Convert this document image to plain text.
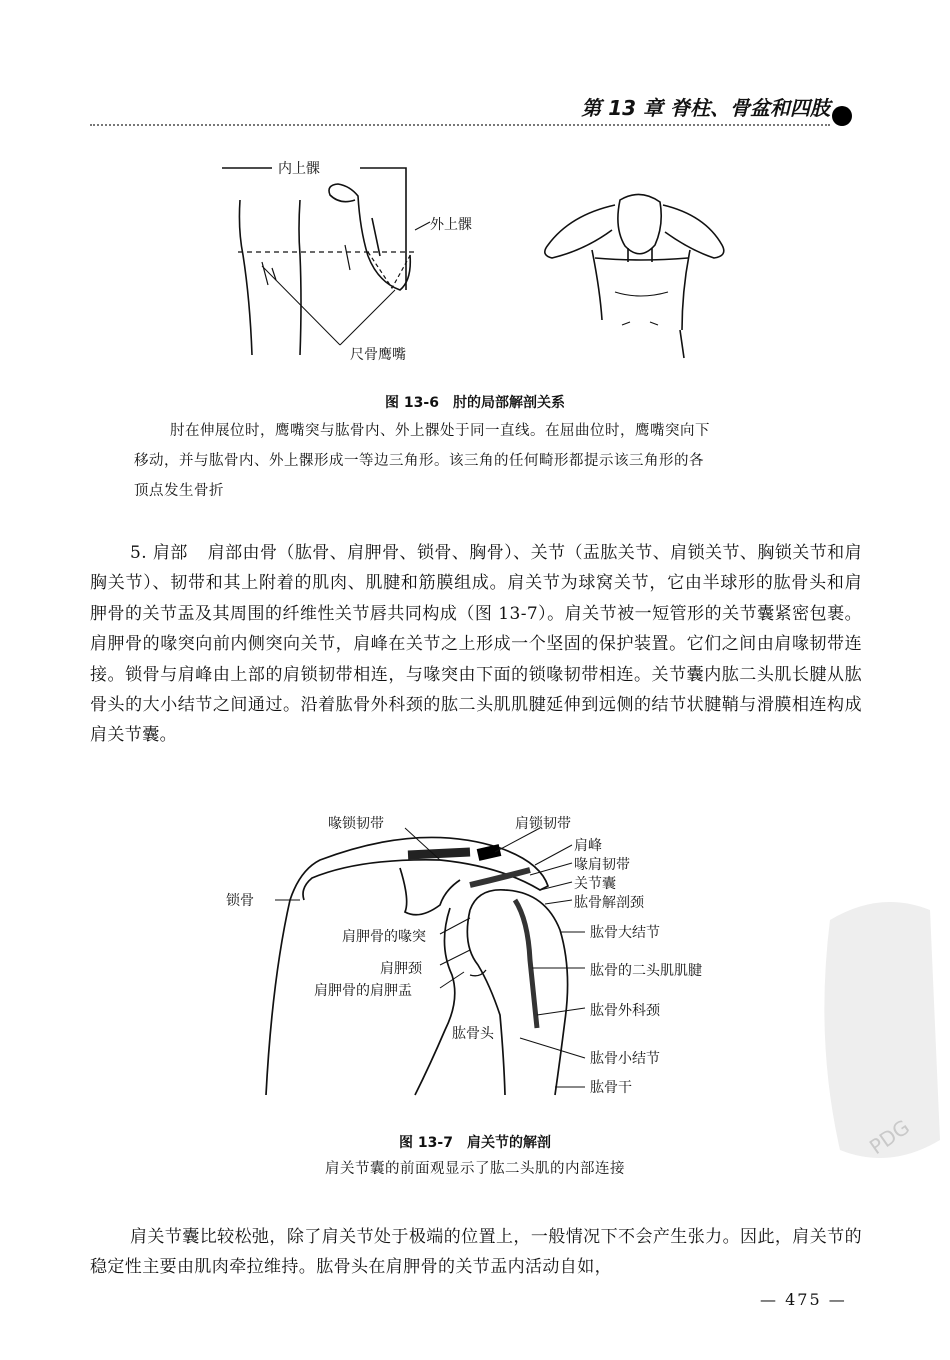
第 13 章 脊柱、骨盆和四肢
内上髁
外上髁
尺骨鹰嘴
图 13-6　肘的局部解剖关系
肘在伸展位时，鹰嘴突与肱骨内、外上髁处于同一直线。在屈曲位时，鹰嘴突向下
移动，并与肱骨内、外上髁形成一等边三角形。该三角的任何畸形都提示该三角形的各
顶点发生骨折
5. 肩部 肩部由骨（肱骨、肩胛骨、锁骨、胸骨）、关节（盂肱关节、肩锁关节、胸锁关节和肩胸关节）、韧带和其上附着的肌肉、肌腱和筋膜组成。肩关节为球窝关节，它由半球形的肱骨头和肩胛骨的关节盂及其周围的纤维性关节唇共同构成（图 13-7）。肩关节被一短管形的关节囊紧密包裹。肩胛骨的喙突向前内侧突向关节，肩峰在关节之上形成一个坚固的保护装置。它们之间由肩喙韧带连接。锁骨与肩峰由上部的肩锁韧带相连，与喙突由下面的锁喙韧带相连。关节囊内肱二头肌长腱从肱骨头的大小结节之间通过。沿着肱骨外科颈的肱二头肌肌腱延伸到远侧的结节状腱鞘与滑膜相连构成肩关节囊。
喙锁韧带	肩锁韧带
肩峰
喙肩韧带
关节囊
肱骨解剖颈
锁骨
肩胛骨的喙突	肱骨大结节
肩胛颈	肱骨的二头肌肌腱
肩胛骨的肩胛盂
肱骨外科颈
肱骨头
肱骨小结节
肱骨干
图 13-7　肩关节的解剖
肩关节囊的前面观显示了肱二头肌的内部连接
肩关节囊比较松弛，除了肩关节处于极端的位置上，一般情况下不会产生张力。因此，肩关节的稳定性主要由肌肉牵拉维持。肱骨头在肩胛骨的关节盂内活动自如，
PDG
— 475 —
